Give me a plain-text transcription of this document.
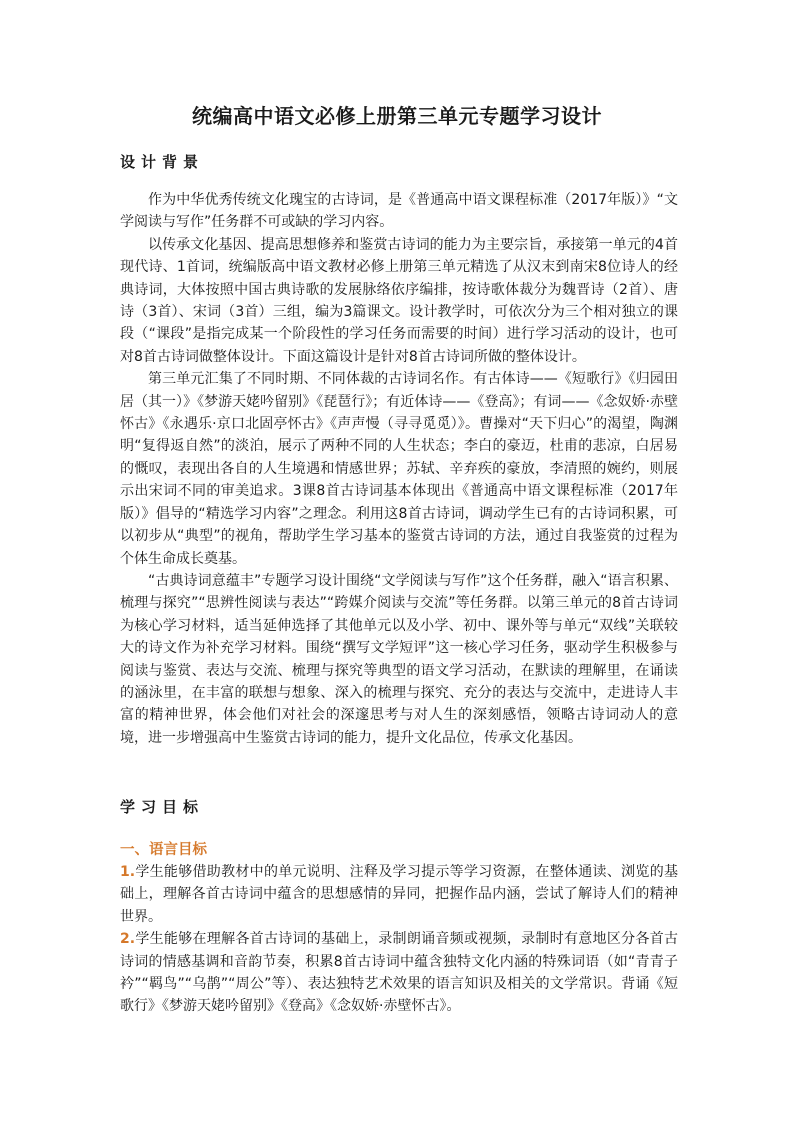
统编高中语文必修上册第三单元专题学习设计
设计背景

作为中华优秀传统文化瑰宝的古诗词，是《普通高中语文课程标准（2017年版）》“文学阅读与写作”任务群不可或缺的学习内容。

以传承文化基因、提高思想修养和鉴赏古诗词的能力为主要宗旨，承接第一单元的4首现代诗、1首词，统编版高中语文教材必修上册第三单元精选了从汉末到南宋8位诗人的经典诗词，大体按照中国古典诗歌的发展脉络依序编排，按诗歌体裁分为魏晋诗（2首）、唐诗（3首）、宋词（3首）三组，编为3篇课文。设计教学时，可依次分为三个相对独立的课段（“课段”是指完成某一个阶段性的学习任务而需要的时间）进行学习活动的设计，也可对8首古诗词做整体设计。下面这篇设计是针对8首古诗词所做的整体设计。

第三单元汇集了不同时期、不同体裁的古诗词名作。有古体诗——《短歌行》《归园田居（其一）》《梦游天姥吟留别》《琵琶行》；有近体诗——《登高》；有词——《念奴娇·赤壁怀古》《永遇乐·京口北固亭怀古》《声声慢（寻寻觅觅）》。曹操对“天下归心”的渴望，陶渊明“复得返自然”的淡泊，展示了两种不同的人生状态；李白的豪迈，杜甫的悲凉，白居易的慨叹，表现出各自的人生境遇和情感世界；苏轼、辛弃疾的豪放，李清照的婉约，则展示出宋词不同的审美追求。3课8首古诗词基本体现出《普通高中语文课程标准（2017年版）》倡导的“精选学习内容”之理念。利用这8首古诗词，调动学生已有的古诗词积累，可以初步从“典型”的视角，帮助学生学习基本的鉴赏古诗词的方法，通过自我鉴赏的过程为个体生命成长奠基。

“古典诗词意蕴丰”专题学习设计围绕“文学阅读与写作”这个任务群，融入“语言积累、梳理与探究”“思辨性阅读与表达”“跨媒介阅读与交流”等任务群。以第三单元的8首古诗词为核心学习材料，适当延伸选择了其他单元以及小学、初中、课外等与单元“双线”关联较大的诗文作为补充学习材料。围绕“撰写文学短评”这一核心学习任务，驱动学生积极参与阅读与鉴赏、表达与交流、梳理与探究等典型的语文学习活动，在默读的理解里，在诵读的涵泳里，在丰富的联想与想象、深入的梳理与探究、充分的表达与交流中，走进诗人丰富的精神世界，体会他们对社会的深邃思考与对人生的深刻感悟，领略古诗词动人的意境，进一步增强高中生鉴赏古诗词的能力，提升文化品位，传承文化基因。

学习目标
一、语言目标

1.学生能够借助教材中的单元说明、注释及学习提示等学习资源，在整体通读、浏览的基础上，理解各首古诗词中蕴含的思想感情的异同，把握作品内涵，尝试了解诗人们的精神世界。

2.学生能够在理解各首古诗词的基础上，录制朗诵音频或视频，录制时有意地区分各首古诗词的情感基调和音韵节奏，积累8首古诗词中蕴含独特文化内涵的特殊词语（如“青青子衿”“羁鸟”“乌鹊”“周公”等）、表达独特艺术效果的语言知识及相关的文学常识。背诵《短歌行》《梦游天姥吟留别》《登高》《念奴娇·赤壁怀古》。
